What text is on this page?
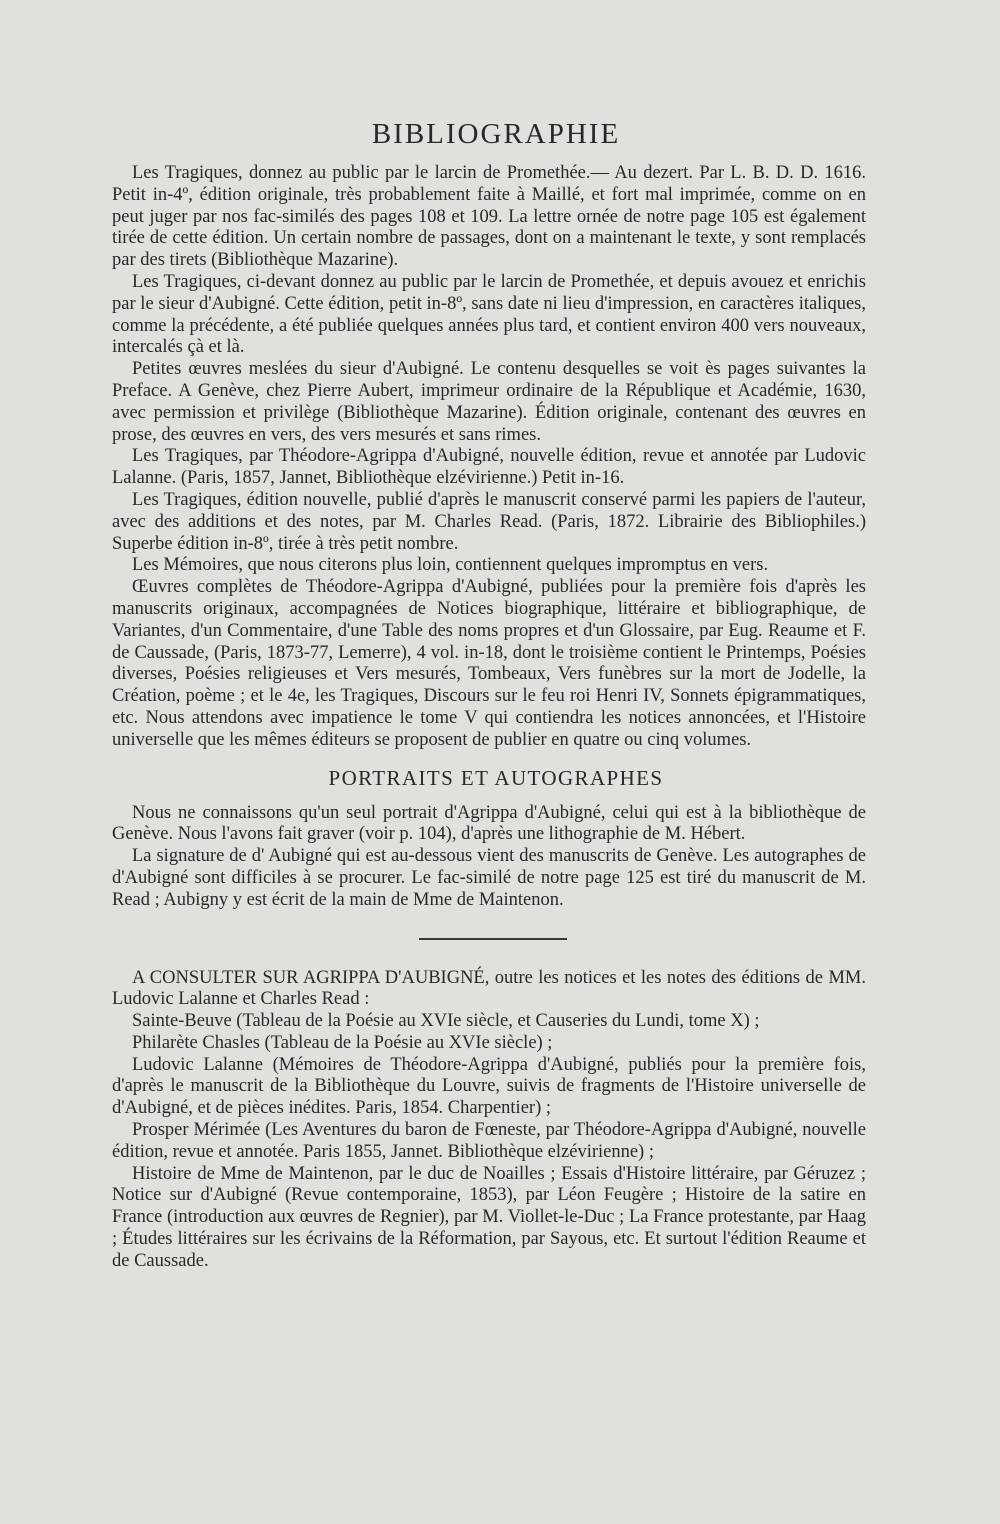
BIBLIOGRAPHIE

Les Tragiques, donnez au public par le larcin de Promethée.— Au dezert. Par L. B. D. D. 1616. Petit in-4º, édition originale, très probablement faite à Maillé, et fort mal imprimée, comme on en peut juger par nos fac-similés des pages 108 et 109. La lettre ornée de notre page 105 est également tirée de cette édition. Un certain nombre de passages, dont on a maintenant le texte, y sont remplacés par des tirets (Bibliothèque Mazarine).

Les Tragiques, ci-devant donnez au public par le larcin de Promethée, et depuis avouez et enrichis par le sieur d'Aubigné. Cette édition, petit in-8º, sans date ni lieu d'impression, en caractères italiques, comme la précédente, a été publiée quelques années plus tard, et contient environ 400 vers nouveaux, intercalés çà et là.

Petites œuvres meslées du sieur d'Aubigné. Le contenu desquelles se voit ès pages suivantes la Preface. A Genève, chez Pierre Aubert, imprimeur ordinaire de la République et Académie, 1630, avec permission et privilège (Bibliothèque Mazarine). Édition originale, contenant des œuvres en prose, des œuvres en vers, des vers mesurés et sans rimes.

Les Tragiques, par Théodore-Agrippa d'Aubigné, nouvelle édition, revue et annotée par Ludovic Lalanne. (Paris, 1857, Jannet, Bibliothèque elzévirienne.) Petit in-16.

Les Tragiques, édition nouvelle, publié d'après le manuscrit conservé parmi les papiers de l'auteur, avec des additions et des notes, par M. Charles Read. (Paris, 1872. Librairie des Bibliophiles.) Superbe édition in-8º, tirée à très petit nombre.

Les Mémoires, que nous citerons plus loin, contiennent quelques impromptus en vers.

Œuvres complètes de Théodore-Agrippa d'Aubigné, publiées pour la première fois d'après les manuscrits originaux, accompagnées de Notices biographique, littéraire et bibliographique, de Variantes, d'un Commentaire, d'une Table des noms propres et d'un Glossaire, par Eug. Reaume et F. de Caussade, (Paris, 1873-77, Lemerre), 4 vol. in-18, dont le troisième contient le Printemps, Poésies diverses, Poésies religieuses et Vers mesurés, Tombeaux, Vers funèbres sur la mort de Jodelle, la Création, poème ; et le 4e, les Tragiques, Discours sur le feu roi Henri IV, Sonnets épigrammatiques, etc. Nous attendons avec impatience le tome V qui contiendra les notices annoncées, et l'Histoire universelle que les mêmes éditeurs se proposent de publier en quatre ou cinq volumes.

PORTRAITS ET AUTOGRAPHES

Nous ne connaissons qu'un seul portrait d'Agrippa d'Aubigné, celui qui est à la bibliothèque de Genève. Nous l'avons fait graver (voir p. 104), d'après une lithographie de M. Hébert.

La signature de d' Aubigné qui est au-dessous vient des manuscrits de Genève. Les autographes de d'Aubigné sont difficiles à se procurer. Le fac-similé de notre page 125 est tiré du manuscrit de M. Read ; Aubigny y est écrit de la main de Mme de Maintenon.

A CONSULTER SUR AGRIPPA D'AUBIGNÉ, outre les notices et les notes des éditions de MM. Ludovic Lalanne et Charles Read :

Sainte-Beuve (Tableau de la Poésie au XVIe siècle, et Causeries du Lundi, tome X) ;

Philarète Chasles (Tableau de la Poésie au XVIe siècle) ;

Ludovic Lalanne (Mémoires de Théodore-Agrippa d'Aubigné, publiés pour la première fois, d'après le manuscrit de la Bibliothèque du Louvre, suivis de fragments de l'Histoire universelle de d'Aubigné, et de pièces inédites. Paris, 1854. Charpentier) ;

Prosper Mérimée (Les Aventures du baron de Fœneste, par Théodore-Agrippa d'Aubigné, nouvelle édition, revue et annotée. Paris 1855, Jannet. Bibliothèque elzévirienne) ;

Histoire de Mme de Maintenon, par le duc de Noailles ; Essais d'Histoire littéraire, par Géruzez ; Notice sur d'Aubigné (Revue contemporaine, 1853), par Léon Feugère ; Histoire de la satire en France (introduction aux œuvres de Regnier), par M. Viollet-le-Duc ; La France protestante, par Haag ; Études littéraires sur les écrivains de la Réformation, par Sayous, etc. Et surtout l'édition Reaume et de Caussade.
